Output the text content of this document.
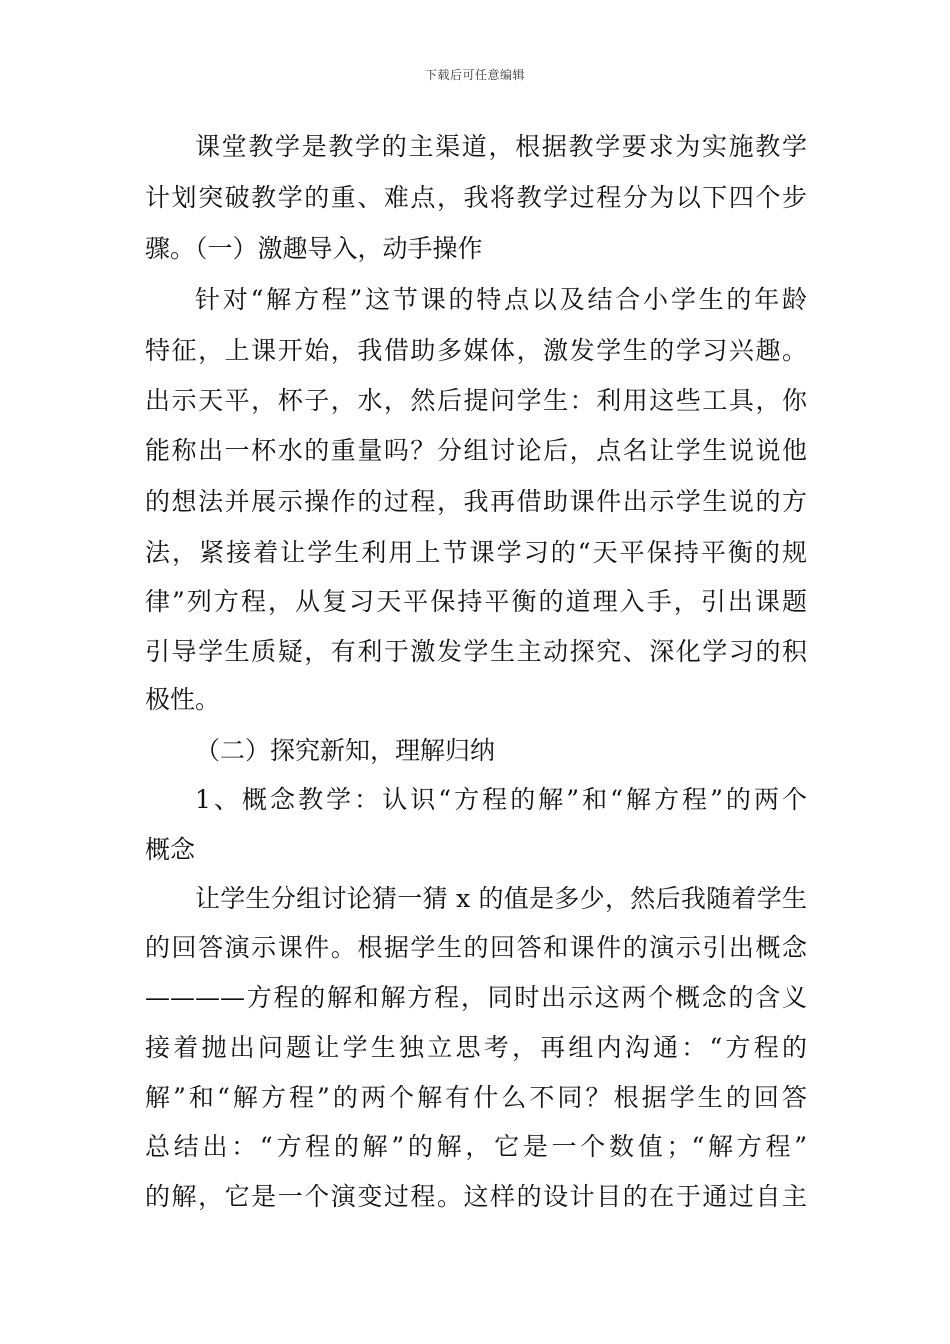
下载后可任意编辑
课堂教学是教学的主渠道，根据教学要求为实施教学
计划突破教学的重、难点，我将教学过程分为以下四个步
骤。（一）激趣导入，动手操作
针对“解方程”这节课的特点以及结合小学生的年龄
特征，上课开始，我借助多媒体，激发学生的学习兴趣。
出示天平，杯子，水，然后提问学生：利用这些工具，你
能称出一杯水的重量吗？分组讨论后，点名让学生说说他
的想法并展示操作的过程，我再借助课件出示学生说的方
法，紧接着让学生利用上节课学习的“天平保持平衡的规
律”列方程，从复习天平保持平衡的道理入手，引出课题
引导学生质疑，有利于激发学生主动探究、深化学习的积
极性。
（二）探究新知，理解归纳
1、概念教学：认识“方程的解”和“解方程”的两个
概念
让学生分组讨论猜一猜 x 的值是多少，然后我随着学生
的回答演示课件。根据学生的回答和课件的演示引出概念
————方程的解和解方程，同时出示这两个概念的含义
接着抛出问题让学生独立思考，再组内沟通：“方程的
解”和“解方程”的两个解有什么不同？根据学生的回答
总结出：“方程的解”的解，它是一个数值；“解方程”
的解，它是一个演变过程。这样的设计目的在于通过自主
